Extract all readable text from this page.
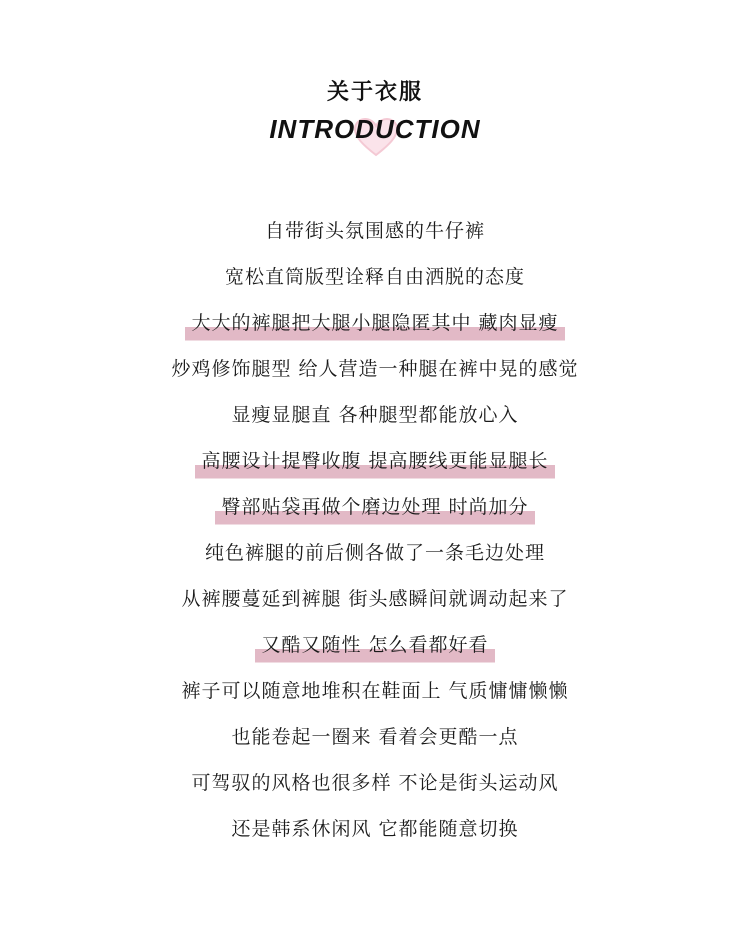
关于衣服
INTRODUCTION
自带街头氛围感的牛仔裤
宽松直筒版型诠释自由洒脱的态度
大大的裤腿把大腿小腿隐匿其中 藏肉显瘦
炒鸡修饰腿型 给人营造一种腿在裤中晃的感觉
显瘦显腿直 各种腿型都能放心入
高腰设计提臀收腹 提高腰线更能显腿长
臀部贴袋再做个磨边处理 时尚加分
纯色裤腿的前后侧各做了一条毛边处理
从裤腰蔓延到裤腿 街头感瞬间就调动起来了
又酷又随性 怎么看都好看
裤子可以随意地堆积在鞋面上 气质慵慵懒懒
也能卷起一圈来 看着会更酷一点
可驾驭的风格也很多样 不论是街头运动风
还是韩系休闲风 它都能随意切换
